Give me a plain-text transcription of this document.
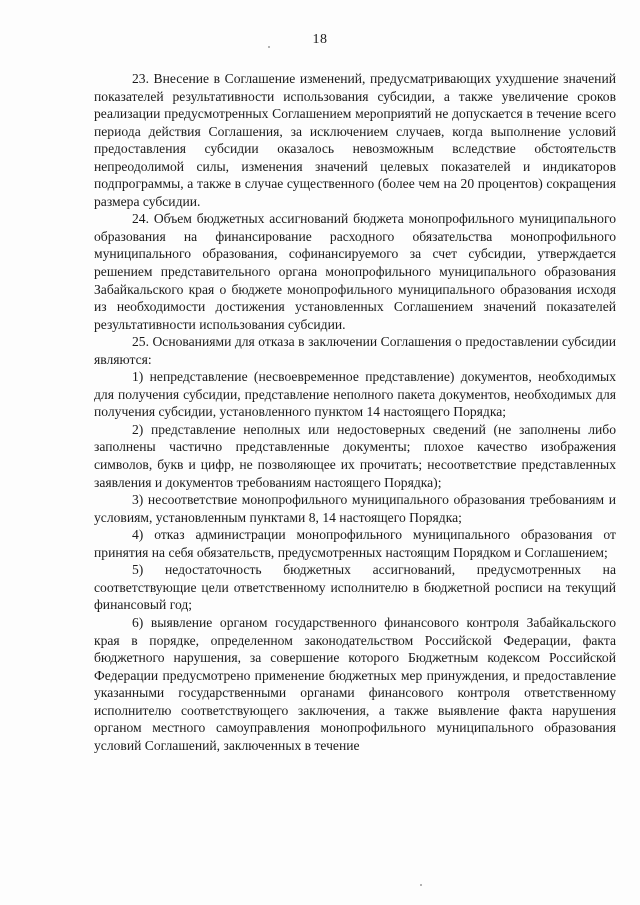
18

23. Внесение в Соглашение изменений, предусматривающих ухудшение значений показателей результативности использования субсидии, а также увеличение сроков реализации предусмотренных Соглашением мероприятий не допускается в течение всего периода действия Соглашения, за исключением случаев, когда выполнение условий предоставления субсидии оказалось невозможным вследствие обстоятельств непреодолимой силы, изменения значений целевых показателей и индикаторов подпрограммы, а также в случае существенного (более чем на 20 процентов) сокращения размера субсидии.

24. Объем бюджетных ассигнований бюджета монопрофильного муниципального образования на финансирование расходного обязательства монопрофильного муниципального образования, софинансируемого за счет субсидии, утверждается решением представительного органа монопрофильного муниципального образования Забайкальского края о бюджете монопрофильного муниципального образования исходя из необходимости достижения установленных Соглашением значений показателей результативности использования субсидии.

25. Основаниями для отказа в заключении Соглашения о предоставлении субсидии являются:

1) непредставление (несвоевременное представление) документов, необходимых для получения субсидии, представление неполного пакета документов, необходимых для получения субсидии, установленного пунктом 14 настоящего Порядка;

2) представление неполных или недостоверных сведений (не заполнены либо заполнены частично представленные документы; плохое качество изображения символов, букв и цифр, не позволяющее их прочитать; несоответствие представленных заявления и документов требованиям настоящего Порядка);

3) несоответствие монопрофильного муниципального образования требованиям и условиям, установленным пунктами 8, 14 настоящего Порядка;

4) отказ администрации монопрофильного муниципального образования от принятия на себя обязательств, предусмотренных настоящим Порядком и Соглашением;

5) недостаточность бюджетных ассигнований, предусмотренных на соответствующие цели ответственному исполнителю в бюджетной росписи на текущий финансовый год;

6) выявление органом государственного финансового контроля Забайкальского края в порядке, определенном законодательством Российской Федерации, факта бюджетного нарушения, за совершение которого Бюджетным кодексом Российской Федерации предусмотрено применение бюджетных мер принуждения, и предоставление указанными государственными органами финансового контроля ответственному исполнителю соответствующего заключения, а также выявление факта нарушения органом местного самоуправления монопрофильного муниципального образования условий Соглашений, заключенных в течение
